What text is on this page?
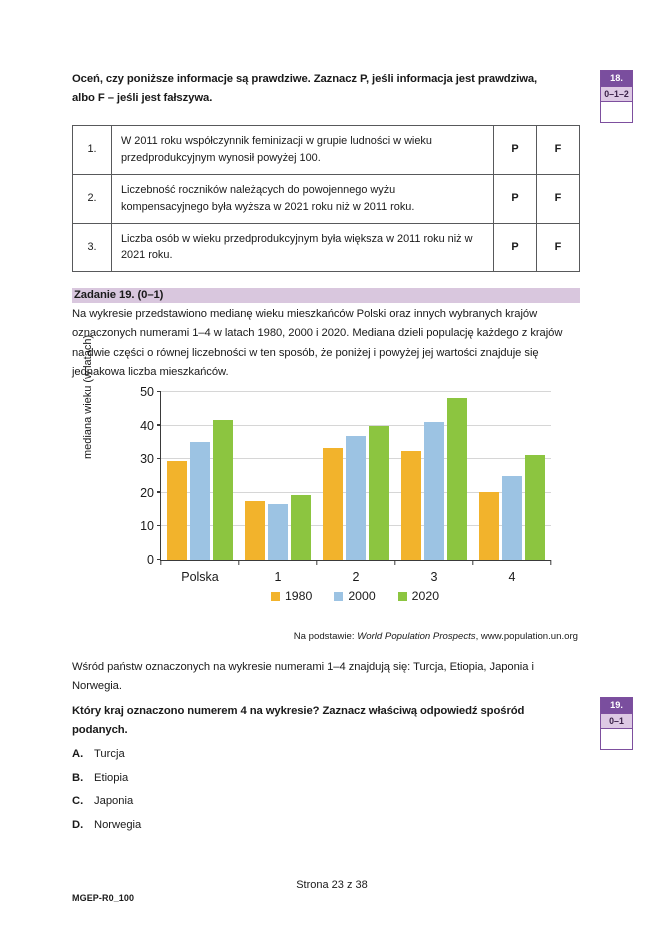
Oceń, czy poniższe informacje są prawdziwe. Zaznacz P, jeśli informacja jest prawdziwa, albo F – jeśli jest fałszywa.
1.	W 2011 roku współczynnik feminizacji w grupie ludności w wieku przedprodukcyjnym wynosił powyżej 100.	P	F
2.	Liczebność roczników należących do powojennego wyżu kompensacyjnego była wyższa w 2021 roku niż w 2011 roku.	P	F
3.	Liczba osób w wieku przedprodukcyjnym była większa w 2011 roku niż w 2021 roku.	P	F
Zadanie 19. (0–1)
Na wykresie przedstawiono medianę wieku mieszkańców Polski oraz innych wybranych krajów oznaczonych numerami 1–4 w latach 1980, 2000 i 2020. Mediana dzieli populację każdego z krajów na dwie części o równej liczebności w ten sposób, że poniżej i powyżej jej wartości znajduje się jednakowa liczba mieszkańców.
mediana wieku (w latach)
0
10
20
30
40
50
Polska	1	2	3	4
1980	2000	2020
Na podstawie: World Population Prospects, www.population.un.org
Wśród państw oznaczonych na wykresie numerami 1–4 znajdują się: Turcja, Etiopia, Japonia i Norwegia.
Który kraj oznaczono numerem 4 na wykresie? Zaznacz właściwą odpowiedź spośród podanych.
A. Turcja
B. Etiopia
C. Japonia
D. Norwegia
18.
0–1–2
19.
0–1
MGEP-R0_100
Strona 23 z 38
